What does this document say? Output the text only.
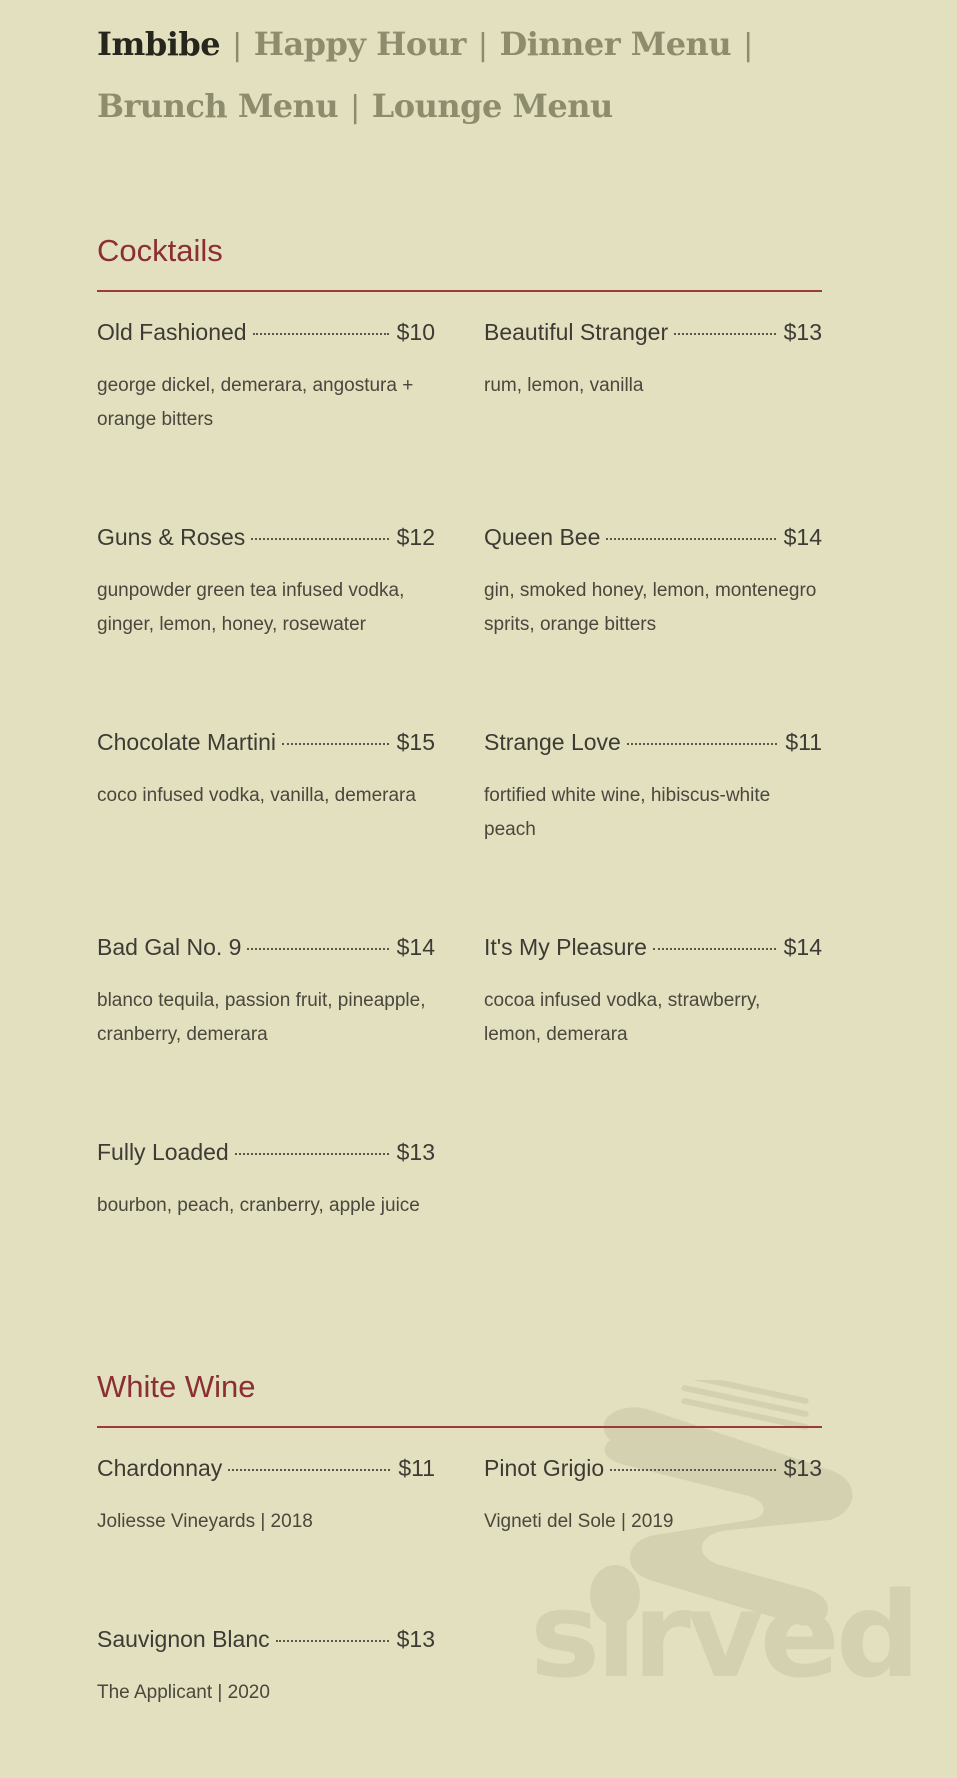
sirved
Imbibe | Happy Hour | Dinner Menu |
Brunch Menu | Lounge Menu
Cocktails
Old Fashioned	$10
george dickel, demerara, angostura + orange bitters
Beautiful Stranger	$13
rum, lemon, vanilla
Guns & Roses	$12
gunpowder green tea infused vodka, ginger, lemon, honey, rosewater
Queen Bee	$14
gin, smoked honey, lemon, montenegro sprits, orange bitters
Chocolate Martini	$15
coco infused vodka, vanilla, demerara
Strange Love	$11
fortified white wine, hibiscus-white peach
Bad Gal No. 9	$14
blanco tequila, passion fruit, pineapple, cranberry, demerara
It's My Pleasure	$14
cocoa infused vodka, strawberry, lemon, demerara
Fully Loaded	$13
bourbon, peach, cranberry, apple juice
White Wine
Chardonnay	$11
Joliesse Vineyards | 2018
Pinot Grigio	$13
Vigneti del Sole | 2019
Sauvignon Blanc	$13
The Applicant | 2020
